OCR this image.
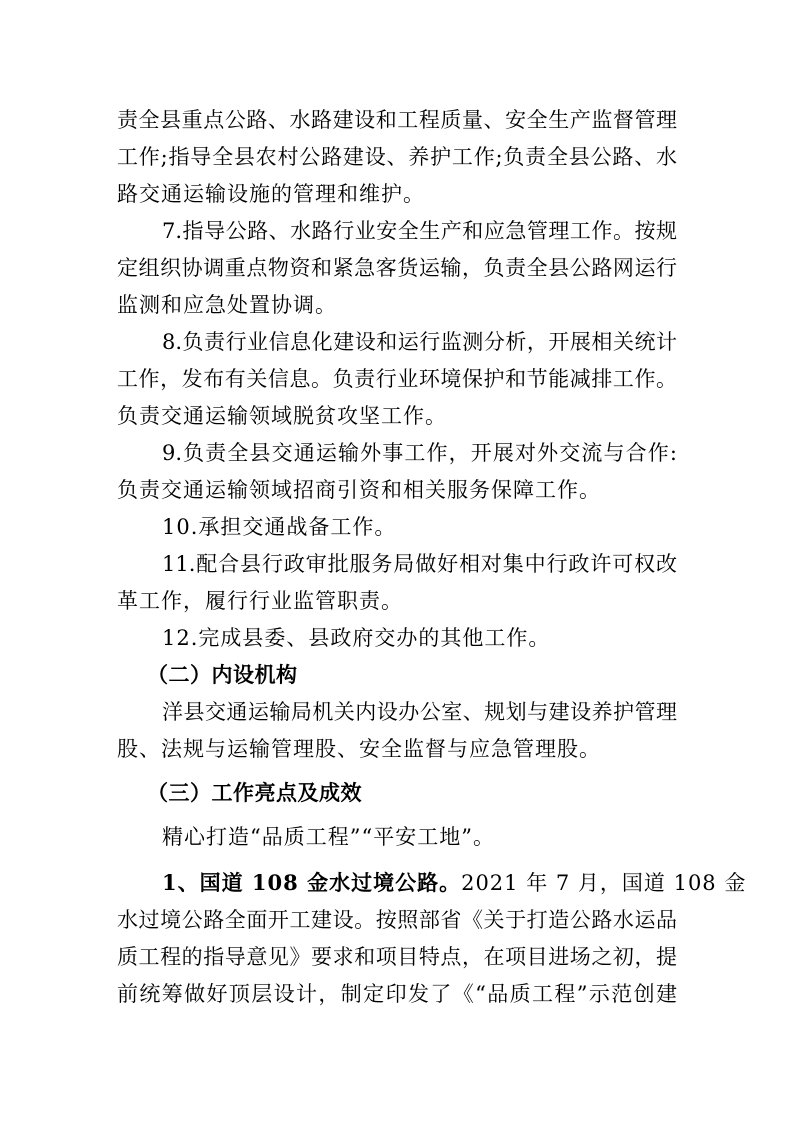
责全县重点公路、水路建设和工程质量、安全生产监督管理
工作;指导全县农村公路建设、养护工作;负责全县公路、水
路交通运输设施的管理和维护。
7.指导公路、水路行业安全生产和应急管理工作。按规
定组织协调重点物资和紧急客货运输，负责全县公路网运行
监测和应急处置协调。
8.负责行业信息化建设和运行监测分析，开展相关统计
工作，发布有关信息。负责行业环境保护和节能减排工作。
负责交通运输领域脱贫攻坚工作。
9.负责全县交通运输外事工作，开展对外交流与合作:
负责交通运输领域招商引资和相关服务保障工作。
10.承担交通战备工作。
11.配合县行政审批服务局做好相对集中行政许可权改
革工作，履行行业监管职责。
12.完成县委、县政府交办的其他工作。
（二）内设机构
洋县交通运输局机关内设办公室、规划与建设养护管理
股、法规与运输管理股、安全监督与应急管理股。
（三）工作亮点及成效
精心打造“品质工程”“平安工地”。
1、国道 108 金水过境公路。2021 年 7 月，国道 108 金
水过境公路全面开工建设。按照部省《关于打造公路水运品
质工程的指导意见》要求和项目特点，在项目进场之初，提
前统筹做好顶层设计，制定印发了《“品质工程”示范创建
